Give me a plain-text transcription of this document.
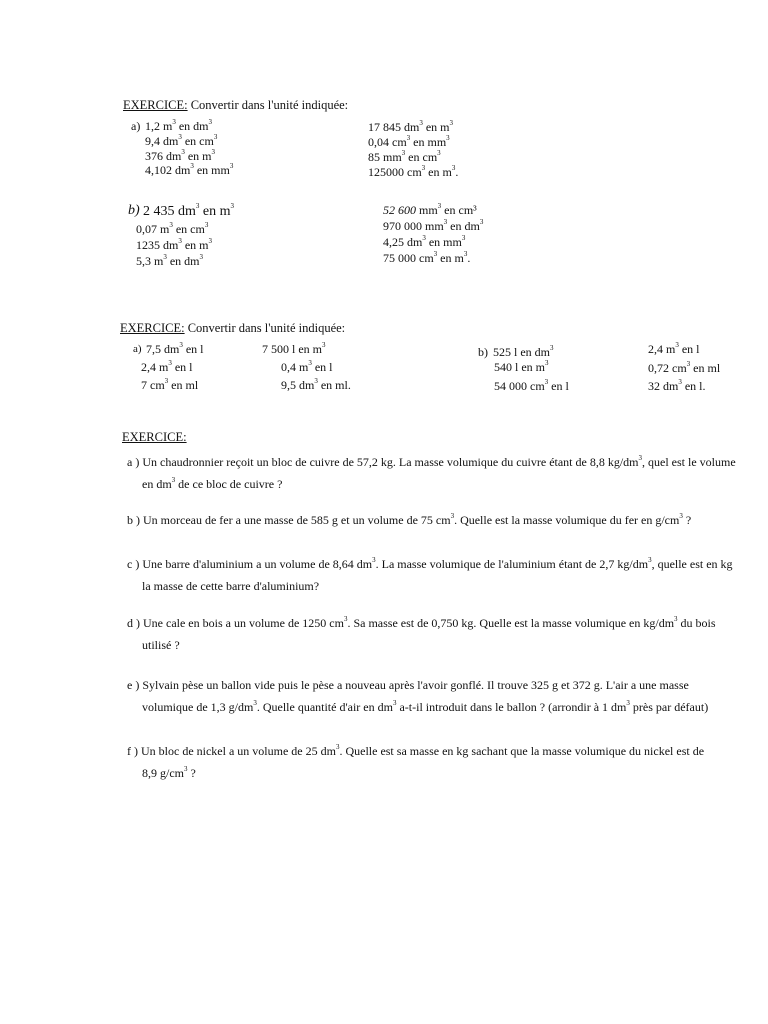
EXERCICE: Convertir dans l'unité indiquée:
a) 1,2 $m^3$ en $dm^3$
9,4 $dm^3$ en $cm^3$
376 $dm^3$ en $m^3$
4,102 $dm^3$ en $mm^3$
17 845 $dm^3$ en $m^3$
0,04 $cm^3$ en $mm^3$
85 $mm^3$ en $cm^3$
125000 $cm^3$ en $m^3$.
b) 2 435 $dm^3$ en $m^3$
0,07 $m^3$ en $cm^3$
1235 $dm^3$ en $m^3$
5,3 $m^3$ en $dm^3$
52 600 $mm^3$ en cm³
970 000 $mm^3$ en $dm^3$
4,25 $dm^3$ en $mm^3$
75 000 $cm^3$ en $m^3$.
EXERCICE: Convertir dans l'unité indiquée:
a)	b)
7,5 $dm^3$ en l
2,4 $m^3$ en l
7 $cm^3$ en ml
7 500 l en $m^3$
0,4 $m^3$ en l
9,5 $dm^3$ en ml.
525 l en $dm^3$
540 l en $m^3$
54 000 $cm^3$ en l
2,4 $m^3$ en l
0,72 $cm^3$ en ml
32 $dm^3$ en l.
EXERCICE:
a ) Un chaudronnier reçoit un bloc de cuivre de 57,2 kg. La masse volumique du cuivre étant de 8,8 $kg/dm^3$, quel est le volume
en $dm^3$ de ce bloc de cuivre ?
b ) Un morceau de fer a une masse de 585 g et un volume de 75 $cm^3$. Quelle est la masse volumique du fer en $g/cm^3$ ?
c ) Une barre d'aluminium a un volume de 8,64 $dm^3$. La masse volumique de l'aluminium étant de 2,7 $kg/dm^3$, quelle est en kg
la masse de cette barre d'aluminium?
d ) Une cale en bois a un volume de 1250 $cm^3$. Sa masse est de 0,750 kg. Quelle est la masse volumique en $kg/dm^3$ du bois
utilisé ?
e ) Sylvain pèse un ballon vide puis le pèse a nouveau après l'avoir gonflé. Il trouve 325 g et 372 g. L'air a une masse
volumique de 1,3 $g/dm^3$. Quelle quantité d'air en $dm^3$ a-t-il introduit dans le ballon ? (arrondir à 1 $dm^3$ près par défaut)
f ) Un bloc de nickel a un volume de 25 $dm^3$. Quelle est sa masse en kg sachant que la masse volumique du nickel est de
8,9 $g/cm^3$ ?
